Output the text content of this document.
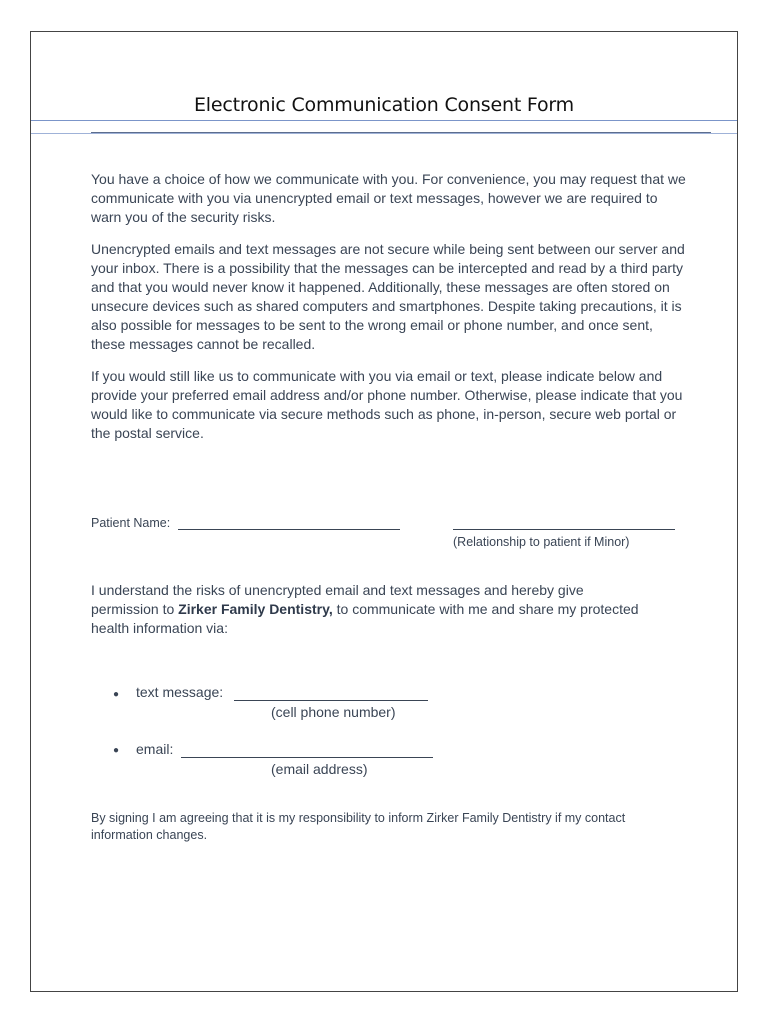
Electronic Communication Consent Form

You have a choice of how we communicate with you. For convenience, you may request that we communicate with you via unencrypted email or text messages, however we are required to warn you of the security risks.

Unencrypted emails and text messages are not secure while being sent between our server and your inbox. There is a possibility that the messages can be intercepted and read by a third party and that you would never know it happened. Additionally, these messages are often stored on unsecure devices such as shared computers and smartphones. Despite taking precautions, it is also possible for messages to be sent to the wrong email or phone number, and once sent, these messages cannot be recalled.

If you would still like us to communicate with you via email or text, please indicate below and provide your preferred email address and/or phone number. Otherwise, please indicate that you would like to communicate via secure methods such as phone, in-person, secure web portal or the postal service.

Patient Name:
(Relationship to patient if Minor)

I understand the risks of unencrypted email and text messages and hereby give permission to Zirker Family Dentistry, to communicate with me and share my protected health information via:

● text message:
(cell phone number)
● email:
(email address)

By signing I am agreeing that it is my responsibility to inform Zirker Family Dentistry if my contact information changes.
